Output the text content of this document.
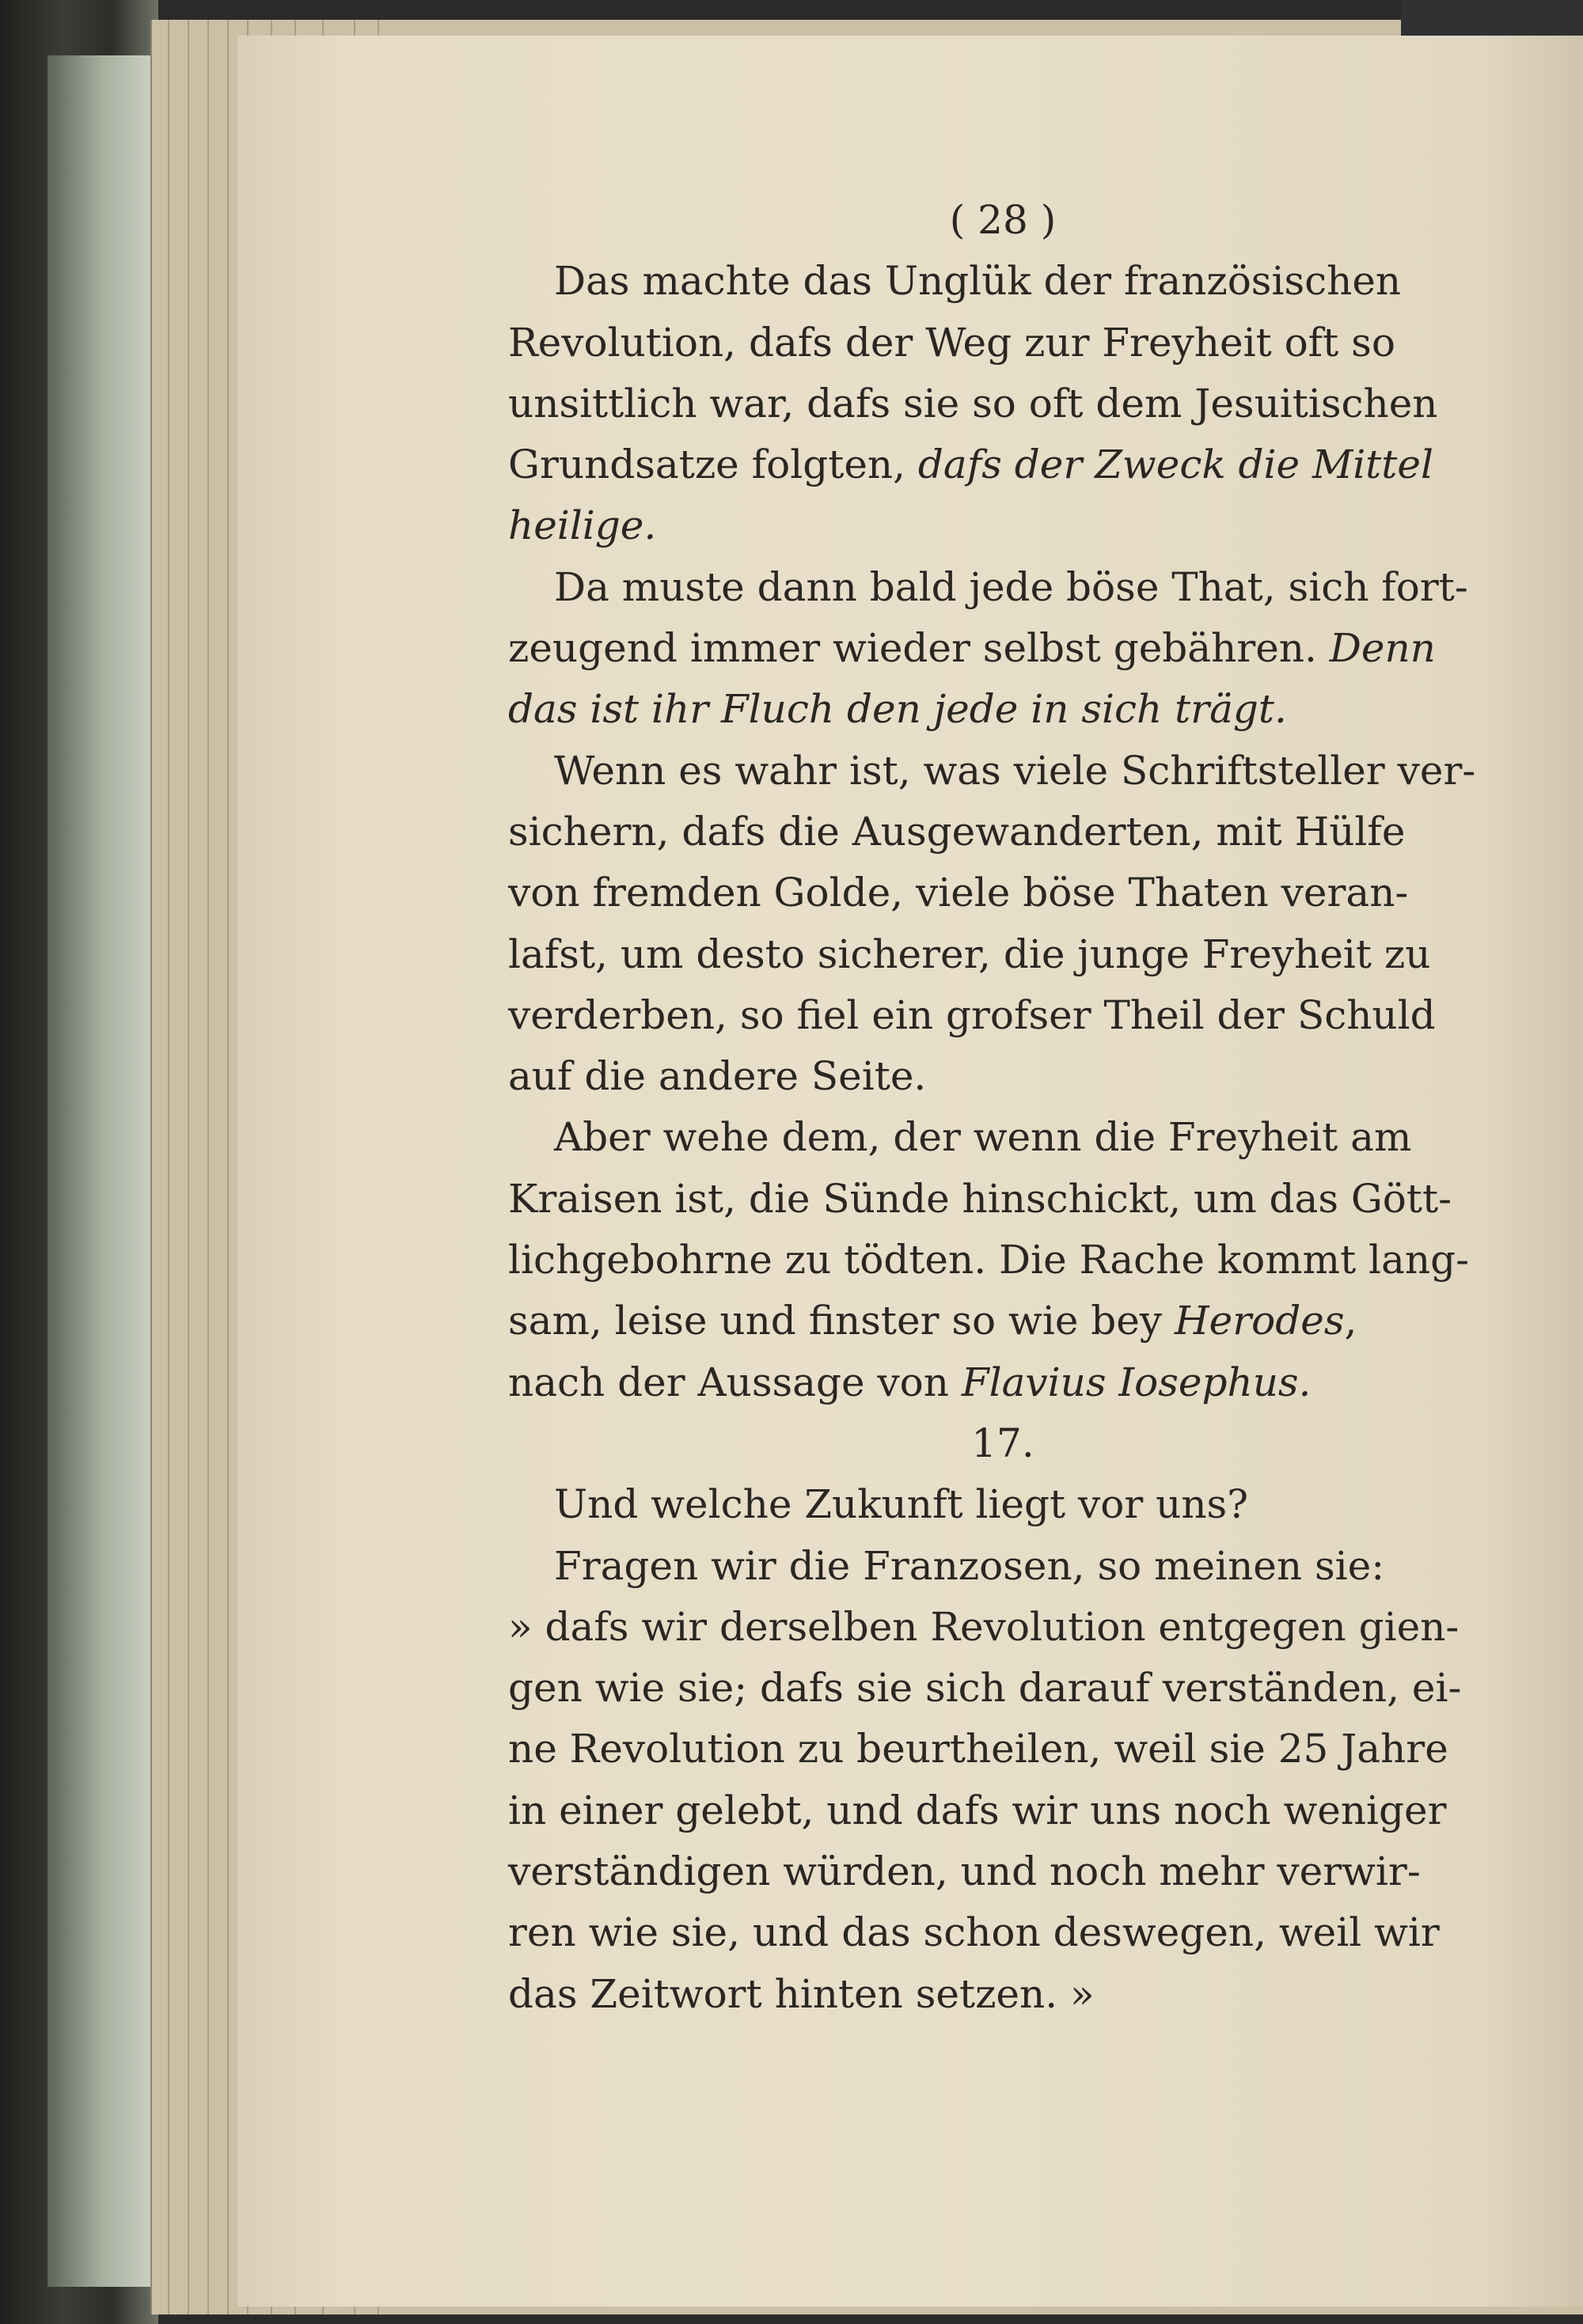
( 28 )

Das machte das Unglük der französischen
Revolution, dafs der Weg zur Freyheit oft so
unsittlich war, dafs sie so oft dem Jesuitischen
Grundsatze folgten, dafs der Zweck die Mittel
heilige.

Da muste dann bald jede böse That, sich fort-
zeugend immer wieder selbst gebähren. Denn
das ist ihr Fluch den jede in sich trägt.

Wenn es wahr ist, was viele Schriftsteller ver-
sichern, dafs die Ausgewanderten, mit Hülfe
von fremden Golde, viele böse Thaten veran-
lafst, um desto sicherer, die junge Freyheit zu
verderben, so fiel ein grofser Theil der Schuld
auf die andere Seite.

Aber wehe dem, der wenn die Freyheit am
Kraisen ist, die Sünde hinschickt, um das Gött-
lichgebohrne zu tödten. Die Rache kommt lang-
sam, leise und finster so wie bey Herodes,
nach der Aussage von Flavius Iosephus.

17.

Und welche Zukunft liegt vor uns?

Fragen wir die Franzosen, so meinen sie:
» dafs wir derselben Revolution entgegen gien-
gen wie sie; dafs sie sich darauf verständen, ei-
ne Revolution zu beurtheilen, weil sie 25 Jahre
in einer gelebt, und dafs wir uns noch weniger
verständigen würden, und noch mehr verwir-
ren wie sie, und das schon deswegen, weil wir
das Zeitwort hinten setzen. »
